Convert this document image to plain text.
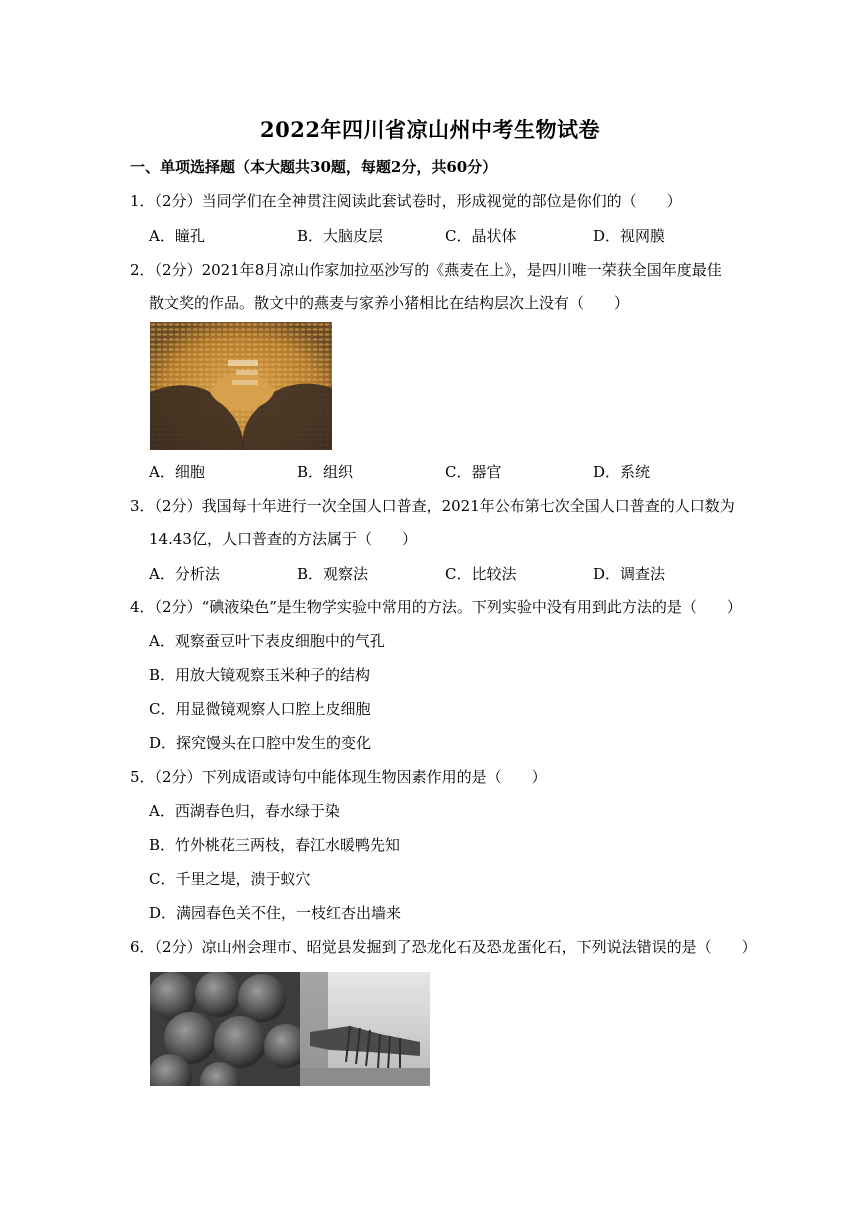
2022年四川省凉山州中考生物试卷
一、单项选择题（本大题共30题，每题2分，共60分）
1．（2分）当同学们在全神贯注阅读此套试卷时，形成视觉的部位是你们的（　　）
A．瞳孔	B．大脑皮层	C．晶状体	D．视网膜
2．（2分）2021年8月凉山作家加拉巫沙写的《燕麦在上》，是四川唯一荣获全国年度最佳
散文奖的作品。散文中的燕麦与家养小猪相比在结构层次上没有（　　）
A．细胞	B．组织	C．器官	D．系统
3．（2分）我国每十年进行一次全国人口普查，2021年公布第七次全国人口普查的人口数为
14.43亿，人口普查的方法属于（　　）
A．分析法	B．观察法	C．比较法	D．调查法
4．（2分）“碘液染色”是生物学实验中常用的方法。下列实验中没有用到此方法的是（　　）
A．观察蚕豆叶下表皮细胞中的气孔
B．用放大镜观察玉米种子的结构
C．用显微镜观察人口腔上皮细胞
D．探究馒头在口腔中发生的变化
5．（2分）下列成语或诗句中能体现生物因素作用的是（　　）
A．西湖春色归，春水绿于染
B．竹外桃花三两枝，春江水暖鸭先知
C．千里之堤，溃于蚁穴
D．满园春色关不住，一枝红杏出墙来
6．（2分）凉山州会理市、昭觉县发掘到了恐龙化石及恐龙蛋化石，下列说法错误的是（　　）
